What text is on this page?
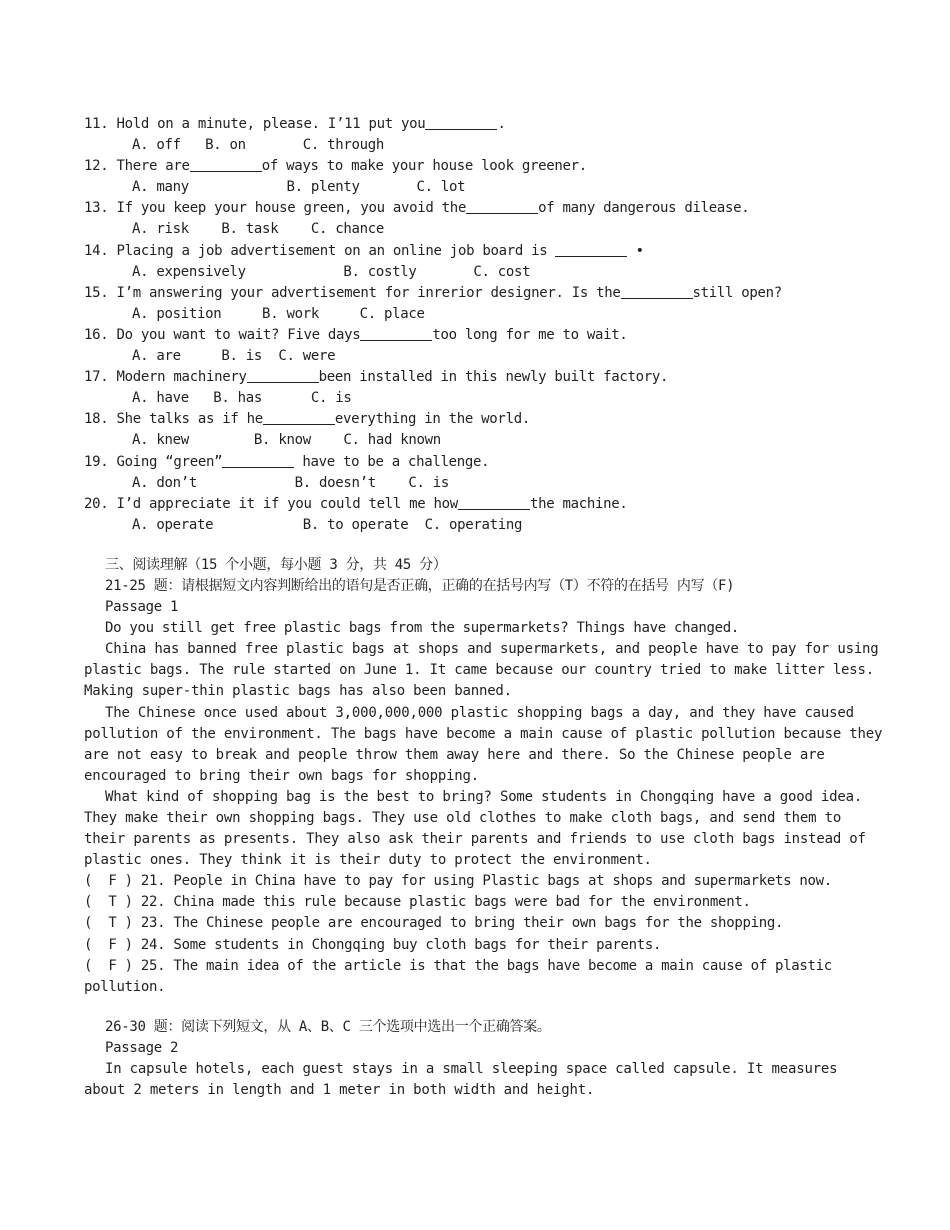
11. Hold on a minute, please. I’11 put you	.
A. off   B. on       C. through
12. There are	of ways to make your house look greener.
A. many            B. plenty       C. lot
13. If you keep your house green, you avoid the	of many dangerous dilease.
A. risk    B. task    C. chance
14. Placing a job advertisement on an online job board is	•
A. expensively            B. costly       C. cost
15. I’m answering your advertisement for inrerior designer. Is the	still open?
A. position     B. work     C. place
16. Do you want to wait? Five days	too long for me to wait.
A. are     B. is  C. were
17. Modern machinery	been installed in this newly built factory.
A. have   B. has      C. is
18. She talks as if he	everything in the world.
A. knew        B. know    C. had known
19. Going “green”	have to be a challenge.
A. don’t            B. doesn’t    C. is
20. I’d appreciate it if you could tell me how	the machine.
A. operate           B. to operate  C. operating
三、阅读理解（15 个小题，每小题 3 分，共 45 分）
21-25 题：请根据短文内容判断给出的语句是否正确，正确的在括号内写（T）不符的在括号 内写（F)
Passage 1
Do you still get free plastic bags from the supermarkets? Things have changed.
China has banned free plastic bags at shops and supermarkets, and people have to pay for using plastic bags. The rule started on June 1. It came because our country tried to make litter less. Making super-thin plastic bags has also been banned.
The Chinese once used about 3,000,000,000 plastic shopping bags a day, and they have caused pollution of the environment. The bags have become a main cause of plastic pollution because they are not easy to break and people throw them away here and there. So the Chinese people are encouraged to bring their own bags for shopping.
What kind of shopping bag is the best to bring? Some students in Chongqing have a good idea. They make their own shopping bags. They use old clothes to make cloth bags, and send them to their parents as presents. They also ask their parents and friends to use cloth bags instead of plastic ones. They think it is their duty to protect the environment.
(  F ) 21. People in China have to pay for using Plastic bags at shops and supermarkets now.
(  T ) 22. China made this rule because plastic bags were bad for the environment.
(  T ) 23. The Chinese people are encouraged to bring their own bags for the shopping.
(  F ) 24. Some students in Chongqing buy cloth bags for their parents.
(  F ) 25. The main idea of the article is that the bags have become a main cause of plastic
pollution.
26-30 题：阅读下列短文，从 A、B、C 三个选项中选出一个正确答案。
Passage 2
In capsule hotels, each guest stays in a small sleeping space called capsule. It measures about 2 meters in length and 1 meter in both width and height.
